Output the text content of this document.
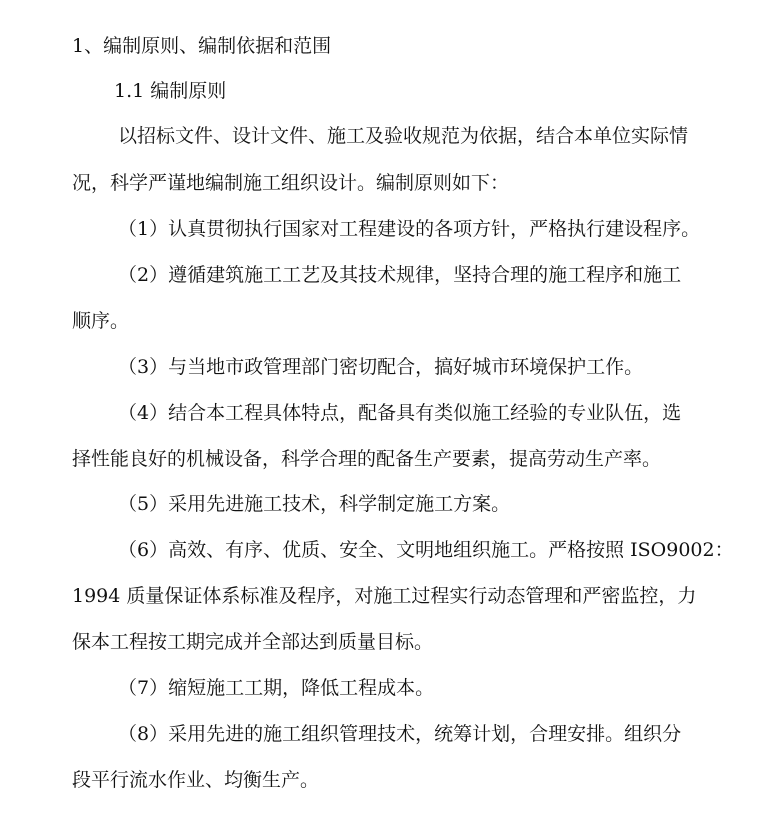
1、编制原则、编制依据和范围
1.1 编制原则
以招标文件、设计文件、施工及验收规范为依据，结合本单位实际情
况，科学严谨地编制施工组织设计。编制原则如下：
（1）认真贯彻执行国家对工程建设的各项方针，严格执行建设程序。
（2）遵循建筑施工工艺及其技术规律，坚持合理的施工程序和施工
顺序。
（3）与当地市政管理部门密切配合，搞好城市环境保护工作。
（4）结合本工程具体特点，配备具有类似施工经验的专业队伍，选
择性能良好的机械设备，科学合理的配备生产要素，提高劳动生产率。
（5）采用先进施工技术，科学制定施工方案。
（6）高效、有序、优质、安全、文明地组织施工。严格按照 ISO9002：
1994 质量保证体系标准及程序，对施工过程实行动态管理和严密监控，力
保本工程按工期完成并全部达到质量目标。
（7）缩短施工工期，降低工程成本。
（8）采用先进的施工组织管理技术，统筹计划，合理安排。组织分
段平行流水作业、均衡生产。
